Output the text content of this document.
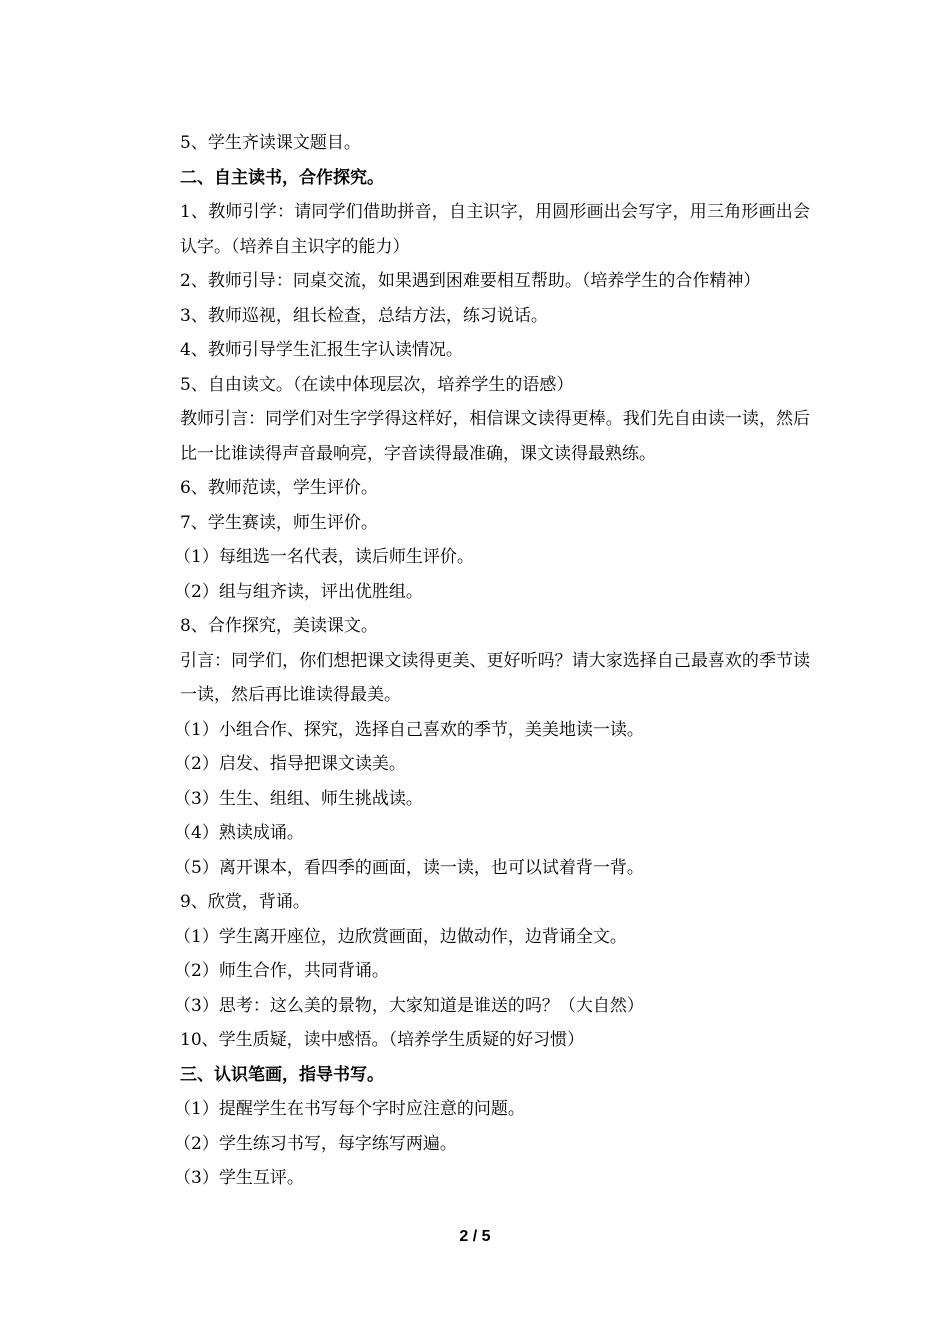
5、学生齐读课文题目。

二、自主读书，合作探究。

1、教师引学：请同学们借助拼音，自主识字，用圆形画出会写字，用三角形画出会认字。（培养自主识字的能力）

2、教师引导：同桌交流，如果遇到困难要相互帮助。（培养学生的合作精神）

3、教师巡视，组长检查，总结方法，练习说话。

4、教师引导学生汇报生字认读情况。

5、自由读文。（在读中体现层次，培养学生的语感）

教师引言：同学们对生字学得这样好，相信课文读得更棒。我们先自由读一读，然后比一比谁读得声音最响亮，字音读得最准确，课文读得最熟练。

6、教师范读，学生评价。

7、学生赛读，师生评价。

（1）每组选一名代表，读后师生评价。

（2）组与组齐读，评出优胜组。

8、合作探究，美读课文。

引言：同学们，你们想把课文读得更美、更好听吗？请大家选择自己最喜欢的季节读一读，然后再比谁读得最美。

（1）小组合作、探究，选择自己喜欢的季节，美美地读一读。

（2）启发、指导把课文读美。

（3）生生、组组、师生挑战读。

（4）熟读成诵。

（5）离开课本，看四季的画面，读一读，也可以试着背一背。

9、欣赏，背诵。

（1）学生离开座位，边欣赏画面，边做动作，边背诵全文。

（2）师生合作，共同背诵。

（3）思考：这么美的景物，大家知道是谁送的吗？（大自然）

10、学生质疑，读中感悟。（培养学生质疑的好习惯）

三、认识笔画，指导书写。

（1）提醒学生在书写每个字时应注意的问题。

（2）学生练习书写，每字练写两遍。

（3）学生互评。

2 / 5
